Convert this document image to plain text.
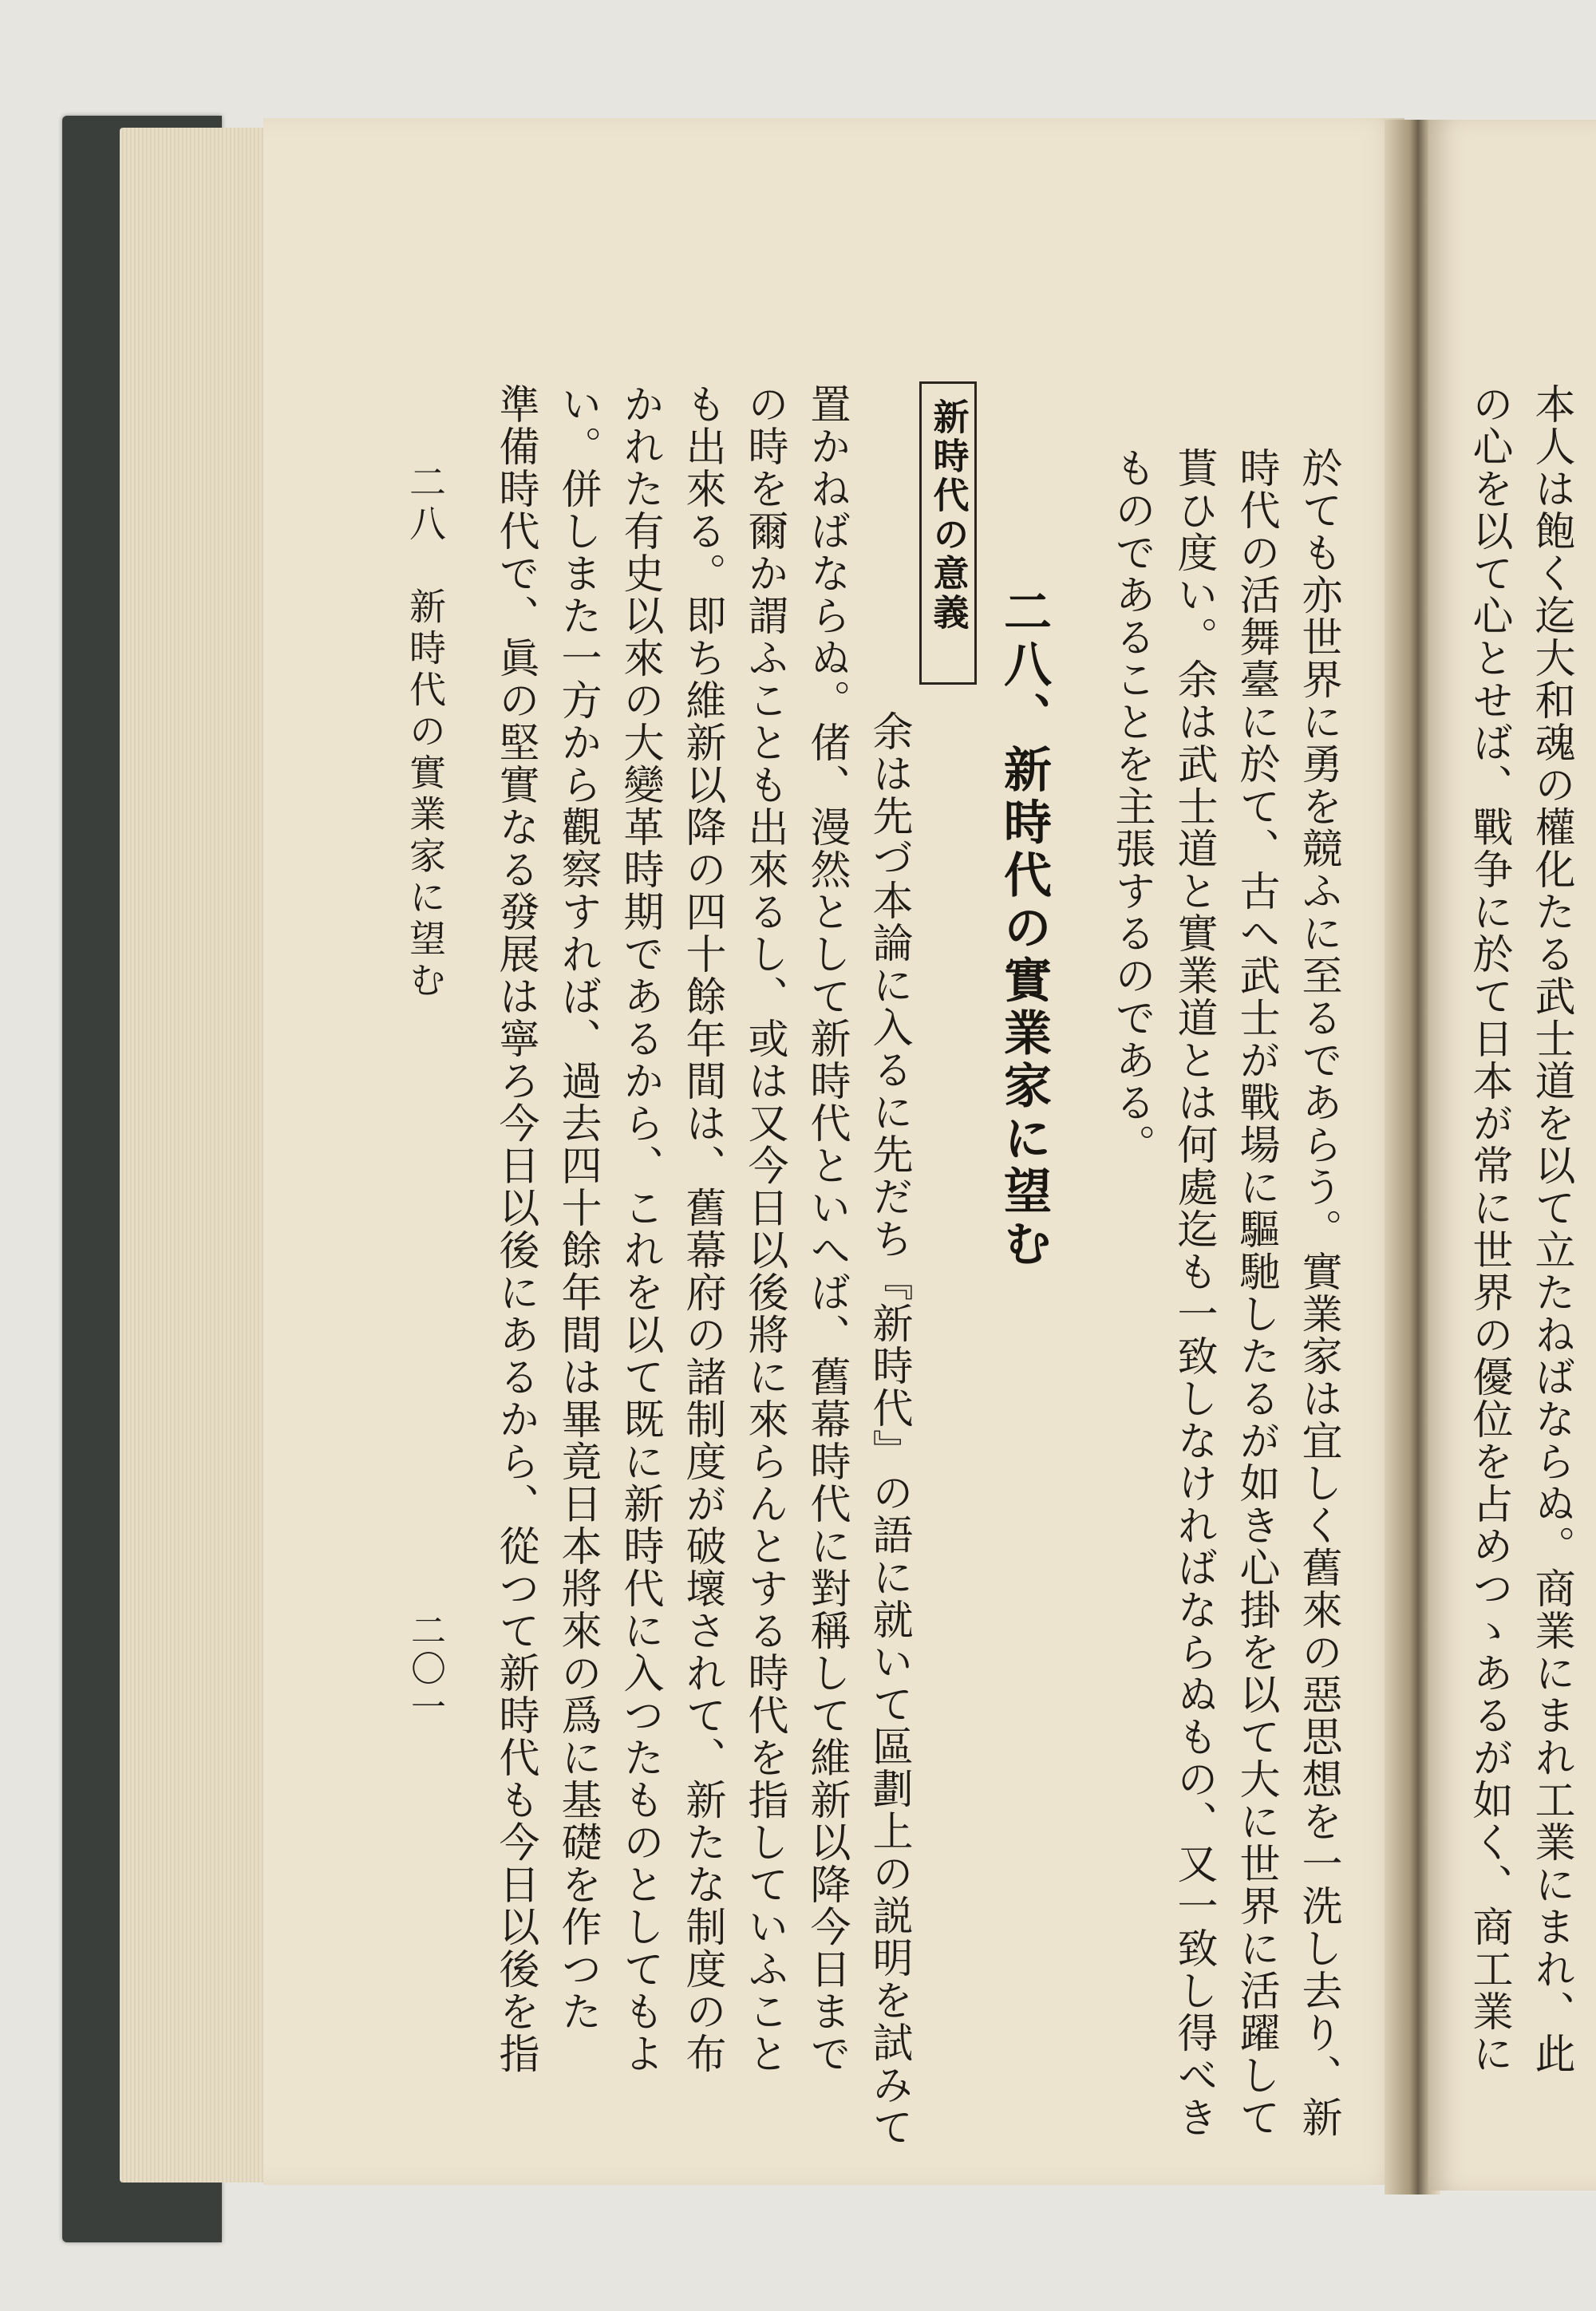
於ても亦世界に勇を競ふに至るであらう。實業家は宜しく舊來の惡思想を一洗し去り、新
時代の活舞臺に於て、古へ武士が戰場に驅馳したるが如き心掛を以て大に世界に活躍して
貰ひ度い。余は武士道と實業道とは何處迄も一致しなければならぬもの、又一致し得べき
ものであることを主張するのである。
二八、新時代の實業家に望む
新時代の意義
余は先づ本論に入るに先だち『新時代』の語に就いて區劃上の説明を試みて
置かねばならぬ。偖、漫然として新時代といへば、舊幕時代に對稱して維新以降今日まで
の時を爾か謂ふことも出來るし、或は又今日以後將に來らんとする時代を指していふこと
も出來る。即ち維新以降の四十餘年間は、舊幕府の諸制度が破壞されて、新たな制度の布
かれた有史以來の大變革時期であるから、これを以て既に新時代に入つたものとしてもよ
い。併しまた一方から觀察すれば、過去四十餘年間は畢竟日本將來の爲に基礎を作つた
準備時代で、眞の堅實なる發展は寧ろ今日以後にあるから、從つて新時代も今日以後を指
二八　新時代の實業家に望む
二〇一	本人は飽く迄大和魂の權化たる武士道を以て立たねばならぬ。商業にまれ工業にまれ、此
の心を以て心とせば、戰争に於て日本が常に世界の優位を占めつゝあるが如く、商工業に
